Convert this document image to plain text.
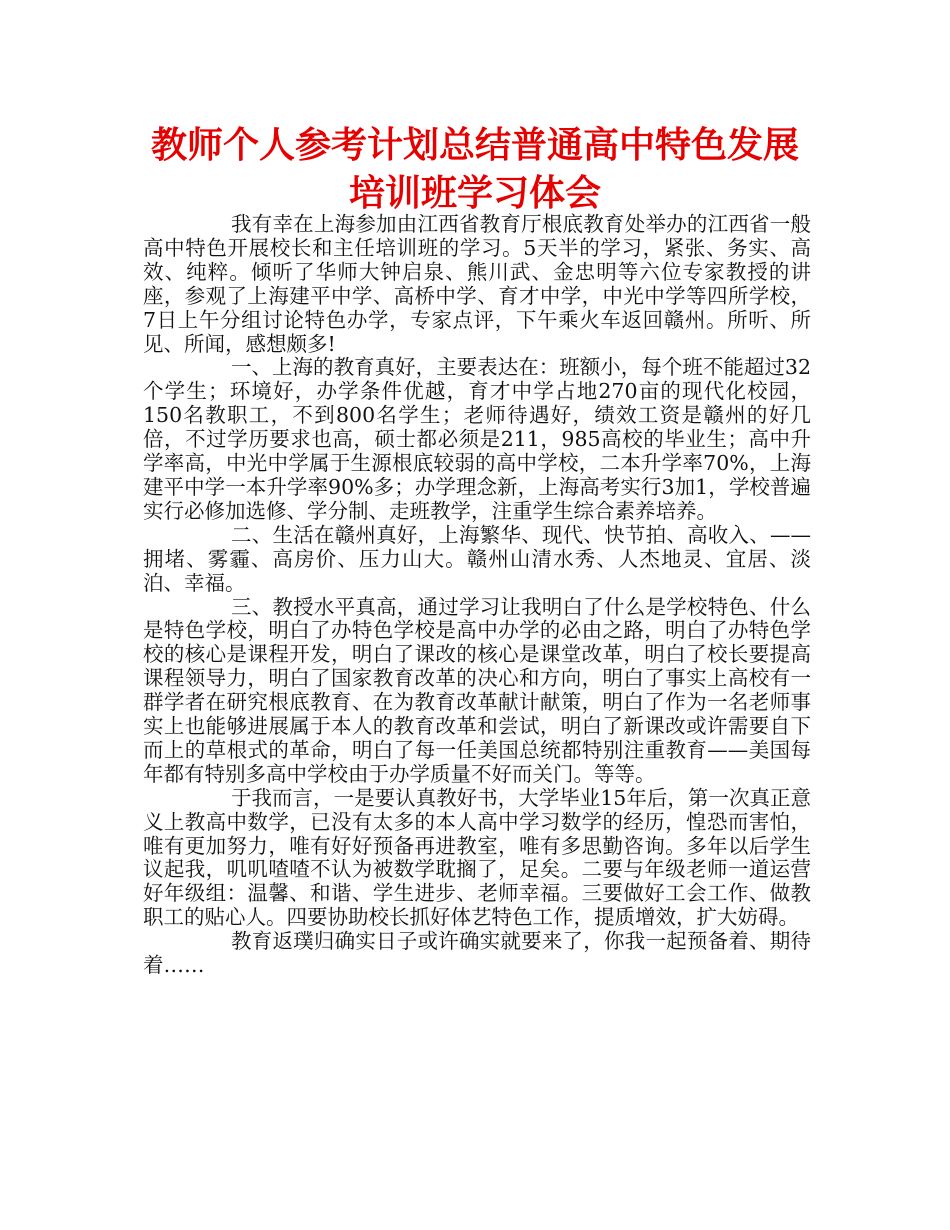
教师个人参考计划总结普通高中特色发展培训班学习体会

我有幸在上海参加由江西省教育厅根底教育处举办的江西省一般高中特色开展校长和主任培训班的学习。5天半的学习，紧张、务实、高效、纯粹。倾听了华师大钟启泉、熊川武、金忠明等六位专家教授的讲座，参观了上海建平中学、高桥中学、育才中学，中光中学等四所学校，7日上午分组讨论特色办学，专家点评，下午乘火车返回赣州。所听、所见、所闻，感想颇多!

一、上海的教育真好，主要表达在：班额小，每个班不能超过32个学生；环境好，办学条件优越，育才中学占地270亩的现代化校园，150名教职工，不到800名学生；老师待遇好，绩效工资是赣州的好几倍，不过学历要求也高，硕士都必须是211，985高校的毕业生；高中升学率高，中光中学属于生源根底较弱的高中学校，二本升学率70%，上海建平中学一本升学率90%多；办学理念新，上海高考实行3加1，学校普遍实行必修加选修、学分制、走班教学，注重学生综合素养培养。

二、生活在赣州真好，上海繁华、现代、快节拍、高收入、——拥堵、雾霾、高房价、压力山大。赣州山清水秀、人杰地灵、宜居、淡泊、幸福。

三、教授水平真高，通过学习让我明白了什么是学校特色、什么是特色学校，明白了办特色学校是高中办学的必由之路，明白了办特色学校的核心是课程开发，明白了课改的核心是课堂改革，明白了校长要提高课程领导力，明白了国家教育改革的决心和方向，明白了事实上高校有一群学者在研究根底教育、在为教育改革献计献策，明白了作为一名老师事实上也能够进展属于本人的教育改革和尝试，明白了新课改或许需要自下而上的草根式的革命，明白了每一任美国总统都特别注重教育——美国每年都有特别多高中学校由于办学质量不好而关门。等等。

于我而言，一是要认真教好书，大学毕业15年后，第一次真正意义上教高中数学，已没有太多的本人高中学习数学的经历，惶恐而害怕，唯有更加努力，唯有好好预备再进教室，唯有多思勤咨询。多年以后学生议起我，叽叽喳喳不认为被数学耽搁了，足矣。二要与年级老师一道运营好年级组：温馨、和谐、学生进步、老师幸福。三要做好工会工作、做教职工的贴心人。四要协助校长抓好体艺特色工作，提质增效，扩大妨碍。

教育返璞归确实日子或许确实就要来了，你我一起预备着、期待着……
